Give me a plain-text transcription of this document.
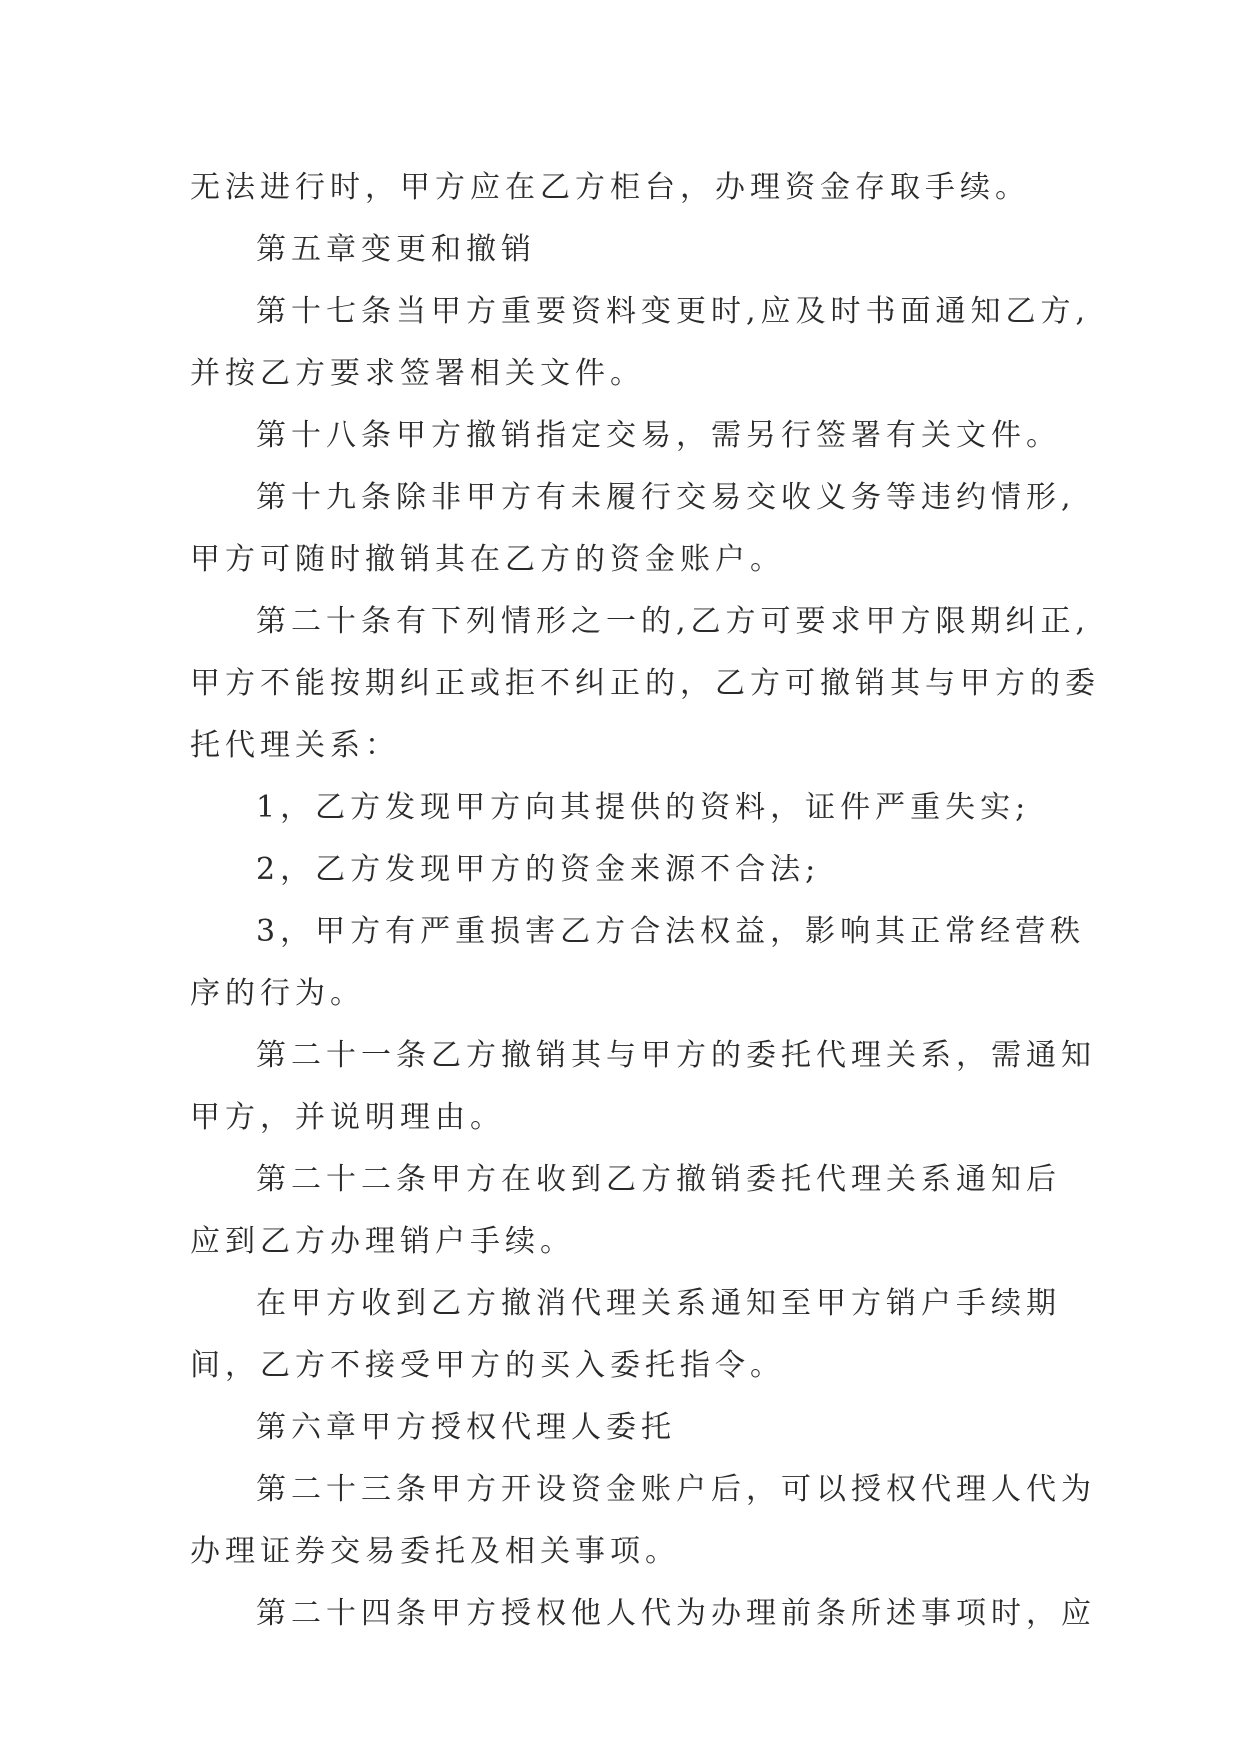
无法进行时，甲方应在乙方柜台，办理资金存取手续。
第五章变更和撤销
第十七条当甲方重要资料变更时,应及时书面通知乙方,
并按乙方要求签署相关文件。
第十八条甲方撤销指定交易，需另行签署有关文件。
第十九条除非甲方有未履行交易交收义务等违约情形,
甲方可随时撤销其在乙方的资金账户。
第二十条有下列情形之一的,乙方可要求甲方限期纠正,
甲方不能按期纠正或拒不纠正的，乙方可撤销其与甲方的委
托代理关系：
1，乙方发现甲方向其提供的资料，证件严重失实;
2，乙方发现甲方的资金来源不合法;
3，甲方有严重损害乙方合法权益，影响其正常经营秩
序的行为。
第二十一条乙方撤销其与甲方的委托代理关系，需通知
甲方，并说明理由。
第二十二条甲方在收到乙方撤销委托代理关系通知后
应到乙方办理销户手续。
在甲方收到乙方撤消代理关系通知至甲方销户手续期
间，乙方不接受甲方的买入委托指令。
第六章甲方授权代理人委托
第二十三条甲方开设资金账户后，可以授权代理人代为
办理证券交易委托及相关事项。
第二十四条甲方授权他人代为办理前条所述事项时，应
